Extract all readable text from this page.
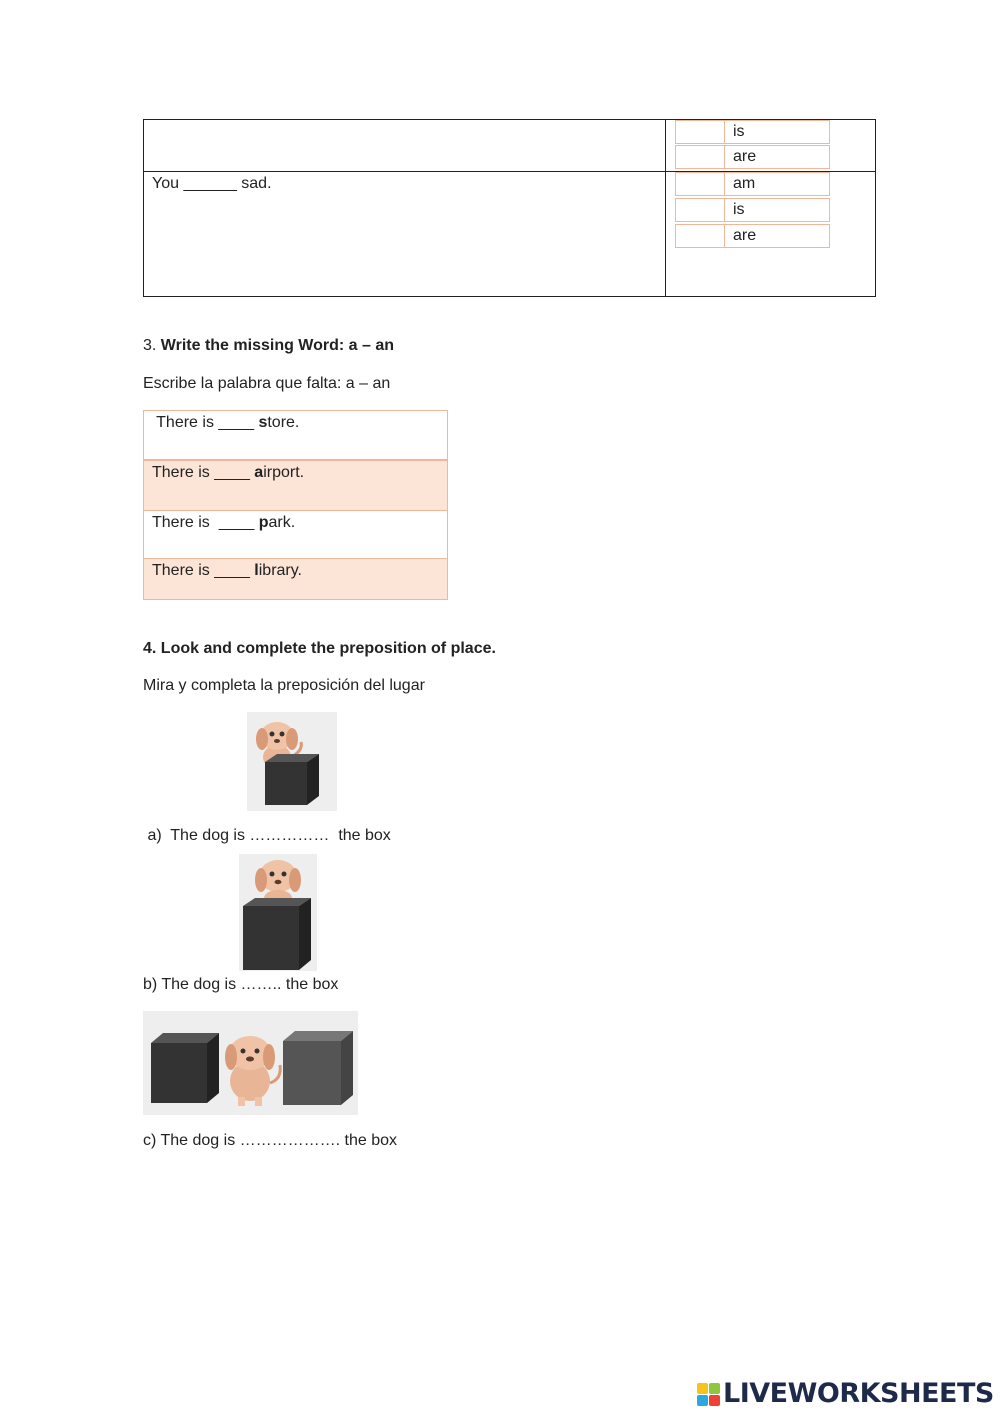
is
are
You ______ sad.	am
is
are
3. Write the missing Word: a – an
Escribe la palabra que falta: a – an
There is ____ store.
There is ____ airport.
There is  ____ park.
There is ____ library.
4. Look and complete the preposition of place.
Mira y completa la preposición del lugar
a)  The dog is ……………  the box
b) The dog is …….. the box
c) The dog is ………………. the box
LIVEWORKSHEETS
